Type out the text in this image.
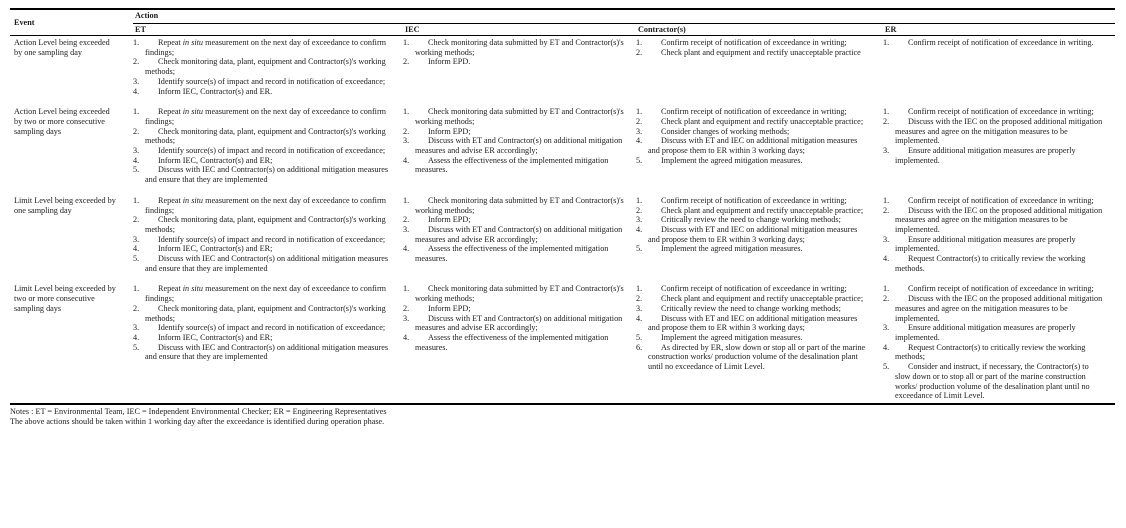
Event
Action
ET	IEC	Contractor(s)	ER
Action Level being exceeded by one sampling day
1. Repeat in situ measurement on the next day of exceedance to confirm findings;
2. Check monitoring data, plant, equipment and Contractor(s)'s working methods;
3. Identify source(s) of impact and record in notification of exceedance;
4. Inform IEC, Contractor(s) and ER.
1. Check monitoring data submitted by ET and Contractor(s)'s working methods;
2. Inform EPD.
1. Confirm receipt of notification of exceedance in writing;
2. Check plant and equipment and rectify unacceptable practice
1. Confirm receipt of notification of exceedance in writing.
Action Level being exceeded by two or more consecutive sampling days
1. Repeat in situ measurement on the next day of exceedance to confirm findings;
2. Check monitoring data, plant, equipment and Contractor(s)'s working methods;
3. Identify source(s) of impact and record in notification of exceedance;
4. Inform IEC, Contractor(s) and ER;
5. Discuss with IEC and Contractor(s) on additional mitigation measures and ensure that they are implemented
1. Check monitoring data submitted by ET and Contractor(s)'s working methods;
2. Inform EPD;
3. Discuss with ET and Contractor(s) on additional mitigation measures and advise ER accordingly;
4. Assess the effectiveness of the implemented mitigation measures.
1. Confirm receipt of notification of exceedance in writing;
2. Check plant and equipment and rectify unacceptable practice;
3. Consider changes of working methods;
4. Discuss with ET and IEC on additional mitigation measures and propose them to ER within 3 working days;
5. Implement the agreed mitigation measures.
1. Confirm receipt of notification of exceedance in writing;
2. Discuss with the IEC on the proposed additional mitigation measures and agree on the mitigation measures to be implemented.
3. Ensure additional mitigation measures are properly implemented.
Limit Level being exceeded by one sampling day
1. Repeat in situ measurement on the next day of exceedance to confirm findings;
2. Check monitoring data, plant, equipment and Contractor(s)'s working methods;
3. Identify source(s) of impact and record in notification of exceedance;
4. Inform IEC, Contractor(s) and ER;
5. Discuss with IEC and Contractor(s) on additional mitigation measures and ensure that they are implemented
1. Check monitoring data submitted by ET and Contractor(s)'s working methods;
2. Inform EPD;
3. Discuss with ET and Contractor(s) on additional mitigation measures and advise ER accordingly;
4. Assess the effectiveness of the implemented mitigation measures.
1. Confirm receipt of notification of exceedance in writing;
2. Check plant and equipment and rectify unacceptable practice;
3. Critically review the need to change working methods;
4. Discuss with ET and IEC on additional mitigation measures and propose them to ER within 3 working days;
5. Implement the agreed mitigation measures.
1. Confirm receipt of notification of exceedance in writing;
2. Discuss with the IEC on the proposed additional mitigation measures and agree on the mitigation measures to be implemented.
3. Ensure additional mitigation measures are properly implemented.
4. Request Contractor(s) to critically review the working methods.
Limit Level being exceeded by two or more consecutive sampling days
1. Repeat in situ measurement on the next day of exceedance to confirm findings;
2. Check monitoring data, plant, equipment and Contractor(s)'s working methods;
3. Identify source(s) of impact and record in notification of exceedance;
4. Inform IEC, Contractor(s) and ER;
5. Discuss with IEC and Contractor(s) on additional mitigation measures and ensure that they are implemented
1. Check monitoring data submitted by ET and Contractor(s)'s working methods;
2. Inform EPD;
3. Discuss with ET and Contractor(s) on additional mitigation measures and advise ER accordingly;
4. Assess the effectiveness of the implemented mitigation measures.
1. Confirm receipt of notification of exceedance in writing;
2. Check plant and equipment and rectify unacceptable practice;
3. Critically review the need to change working methods;
4. Discuss with ET and IEC on additional mitigation measures and propose them to ER within 3 working days;
5. Implement the agreed mitigation measures.
6. As directed by ER, slow down or stop all or part of the marine construction works/ production volume of the desalination plant until no exceedance of Limit Level.
1. Confirm receipt of notification of exceedance in writing;
2. Discuss with the IEC on the proposed additional mitigation measures and agree on the mitigation measures to be implemented.
3. Ensure additional mitigation measures are properly implemented.
4. Request Contractor(s) to critically review the working methods;
5. Consider and instruct, if necessary, the Contractor(s) to slow down or to stop all or part of the marine construction works/ production volume of the desalination plant until no exceedance of Limit Level.
Notes : ET = Environmental Team, IEC = Independent Environmental Checker; ER = Engineering Representatives
The above actions should be taken within 1 working day after the exceedance is identified during operation phase.
